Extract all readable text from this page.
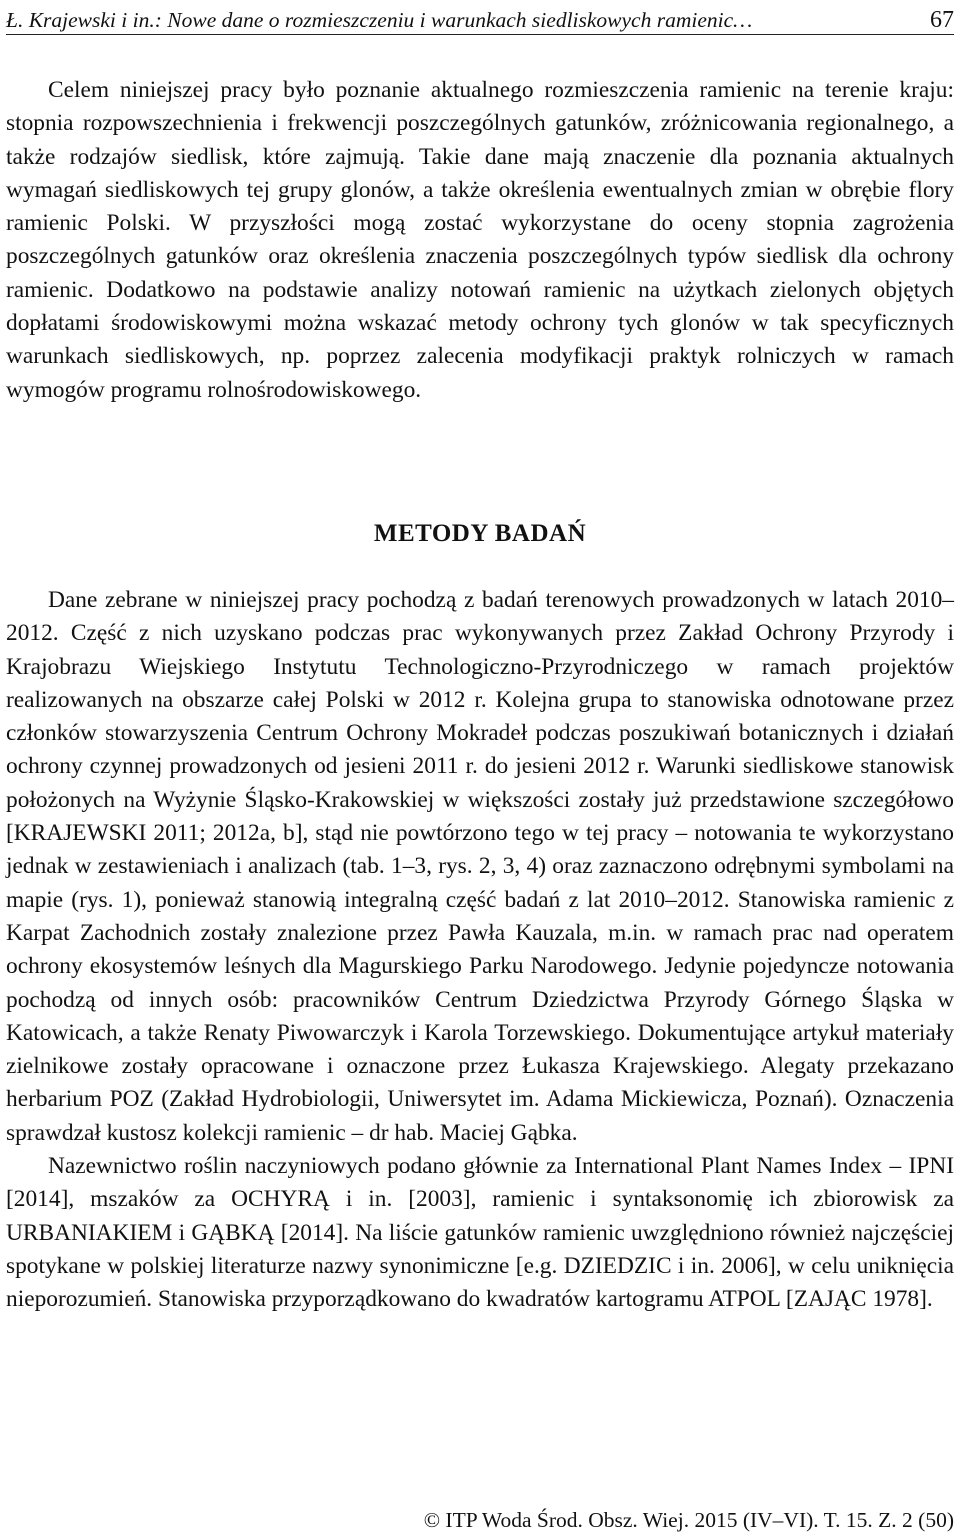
Ł. Krajewski i in.: Nowe dane o rozmieszczeniu i warunkach siedliskowych ramienic…	67

Celem niniejszej pracy było poznanie aktualnego rozmieszczenia ramienic na terenie kraju: stopnia rozpowszechnienia i frekwencji poszczególnych gatunków, zróżnicowania regionalnego, a także rodzajów siedlisk, które zajmują. Takie dane mają znaczenie dla poznania aktualnych wymagań siedliskowych tej grupy glonów, a także określenia ewentualnych zmian w obrębie flory ramienic Polski. W przyszłości mogą zostać wykorzystane do oceny stopnia zagrożenia poszczególnych gatunków oraz określenia znaczenia poszczególnych typów siedlisk dla ochrony ramienic. Dodatkowo na podstawie analizy notowań ramienic na użytkach zielonych objętych dopłatami środowiskowymi można wskazać metody ochrony tych glonów w tak specyficznych warunkach siedliskowych, np. poprzez zalecenia modyfikacji praktyk rolniczych w ramach wymogów programu rolnośrodowiskowego.

METODY BADAŃ

Dane zebrane w niniejszej pracy pochodzą z badań terenowych prowadzonych w latach 2010–2012. Część z nich uzyskano podczas prac wykonywanych przez Zakład Ochrony Przyrody i Krajobrazu Wiejskiego Instytutu Technologiczno-Przyrodniczego w ramach projektów realizowanych na obszarze całej Polski w 2012 r. Kolejna grupa to stanowiska odnotowane przez członków stowarzyszenia Centrum Ochrony Mokradeł podczas poszukiwań botanicznych i działań ochrony czynnej prowadzonych od jesieni 2011 r. do jesieni 2012 r. Warunki siedliskowe stanowisk położonych na Wyżynie Śląsko-Krakowskiej w większości zostały już przedstawione szczegółowo [KRAJEWSKI 2011; 2012a, b], stąd nie powtórzono tego w tej pracy – notowania te wykorzystano jednak w zestawieniach i analizach (tab. 1–3, rys. 2, 3, 4) oraz zaznaczono odrębnymi symbolami na mapie (rys. 1), ponieważ stanowią integralną część badań z lat 2010–2012. Stanowiska ramienic z Karpat Zachodnich zostały znalezione przez Pawła Kauzala, m.in. w ramach prac nad operatem ochrony ekosystemów leśnych dla Magurskiego Parku Narodowego. Jedynie pojedyncze notowania pochodzą od innych osób: pracowników Centrum Dziedzictwa Przyrody Górnego Śląska w Katowicach, a także Renaty Piwowarczyk i Karola Torzewskiego. Dokumentujące artykuł materiały zielnikowe zostały opracowane i oznaczone przez Łukasza Krajewskiego. Alegaty przekazano herbarium POZ (Zakład Hydrobiologii, Uniwersytet im. Adama Mickiewicza, Poznań). Oznaczenia sprawdzał kustosz kolekcji ramienic – dr hab. Maciej Gąbka.

Nazewnictwo roślin naczyniowych podano głównie za International Plant Names Index – IPNI [2014], mszaków za OCHYRĄ i in. [2003], ramienic i syntaksonomię ich zbiorowisk za URBANIAKIEM i GĄBKĄ [2014]. Na liście gatunków ramienic uwzględniono również najczęściej spotykane w polskiej literaturze nazwy synonimiczne [e.g. DZIEDZIC i in. 2006], w celu uniknięcia nieporozumień. Stanowiska przyporządkowano do kwadratów kartogramu ATPOL [ZAJĄC 1978].

© ITP Woda Środ. Obsz. Wiej. 2015 (IV–VI). T. 15. Z. 2 (50)
